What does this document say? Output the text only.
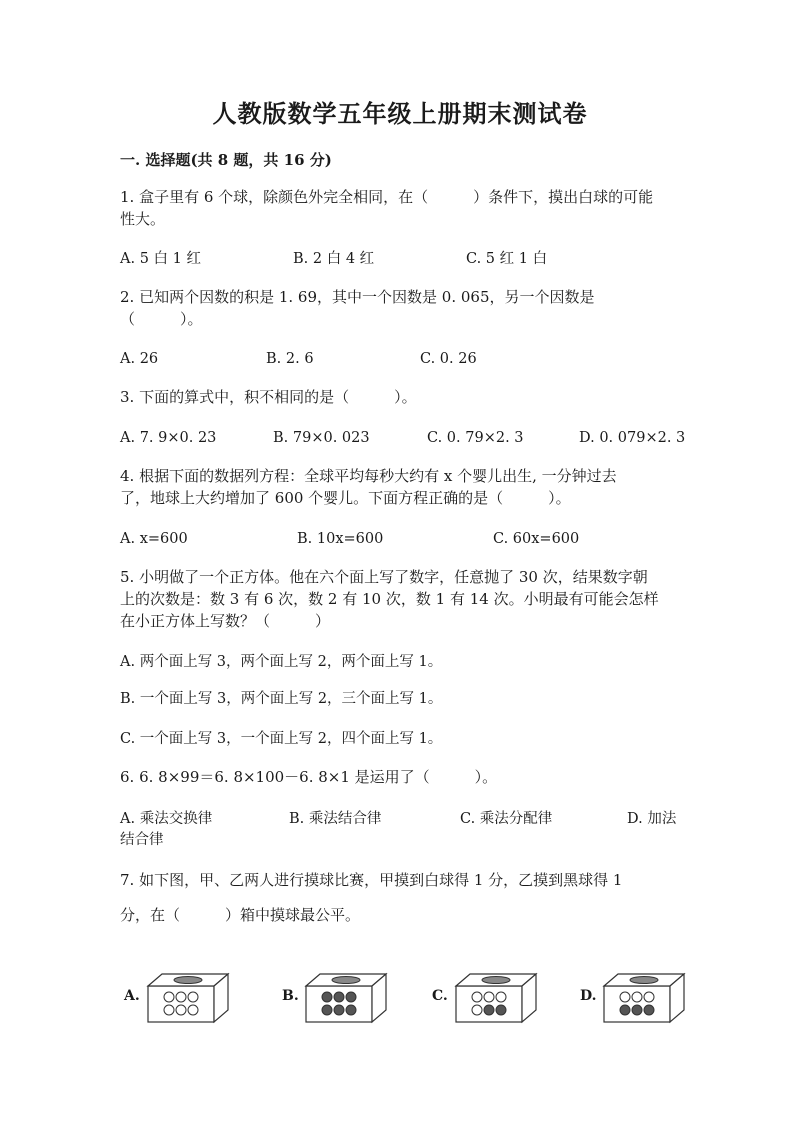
人教版数学五年级上册期末测试卷
一. 选择题(共 8 题，共 16 分)
1. 盒子里有 6 个球，除颜色外完全相同，在（　　　）条件下，摸出白球的可能
性大。
A. 5 白 1 红	B. 2 白 4 红	C. 5 红 1 白
2. 已知两个因数的积是 1. 69，其中一个因数是 0. 065，另一个因数是
（　　　）。
A. 26	B. 2. 6	C. 0. 26
3. 下面的算式中，积不相同的是（　　　）。
A. 7. 9×0. 23	B. 79×0. 023	C. 0. 79×2. 3	D. 0. 079×2. 3
4. 根据下面的数据列方程：全球平均每秒大约有 x 个婴儿出生, 一分钟过去
了，地球上大约增加了 600 个婴儿。下面方程正确的是（　　　）。
A. x=600	B. 10x=600	C. 60x=600
5. 小明做了一个正方体。他在六个面上写了数字，任意抛了 30 次，结果数字朝
上的次数是：数 3 有 6 次，数 2 有 10 次，数 1 有 14 次。小明最有可能会怎样
在小正方体上写数？（　　　）
A. 两个面上写 3，两个面上写 2，两个面上写 1。
B. 一个面上写 3，两个面上写 2，三个面上写 1。
C. 一个面上写 3，一个面上写 2，四个面上写 1。
6. 6. 8×99＝6. 8×100－6. 8×1 是运用了（　　　）。
A. 乘法交换律	B. 乘法结合律	C. 乘法分配律	D. 加法
结合律
7. 如下图，甲、乙两人进行摸球比赛，甲摸到白球得 1 分，乙摸到黑球得 1
分，在（　　　）箱中摸球最公平。
A.	B.	C.	D.
